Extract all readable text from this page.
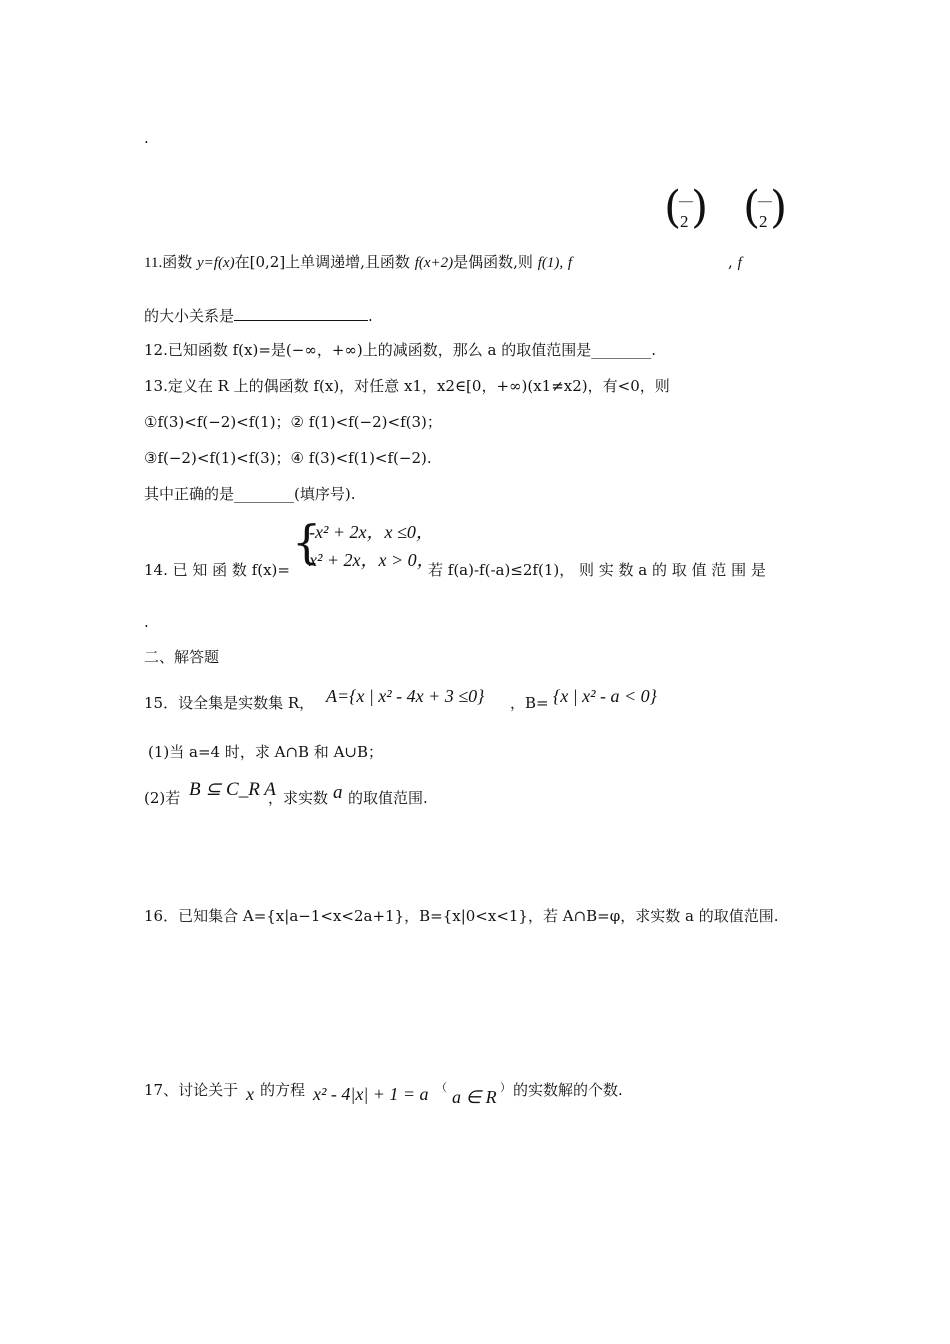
.
(
—
2 ) (
—
2 )
11.函数 y=f(x)在[0,2]上单调递增,且函数 f(x+2)是偶函数,则 f(1), f	, f
的大小关系是	.
12.已知函数 f(x)=是(−∞，+∞)上的减函数，那么 a 的取值范围是________.
13.定义在 R 上的偶函数 f(x)，对任意 x1，x2∈[0，+∞)(x1≠x2)，有<0，则
①f(3)<f(−2)<f(1)；② f(1)<f(−2)<f(3)；
③f(−2)<f(1)<f(3)；④ f(3)<f(1)<f(−2).
其中正确的是________(填序号).
{
-x² + 2x，x ≤0，
x² + 2x，x > 0，
14. 已 知 函 数 f(x)=	若 f(a)-f(-a)≤2f(1)， 则 实 数 a 的 取 值 范 围 是
.
二、解答题
15．设全集是实数集 R， A={x | x² - 4x + 3 ≤0} ，B= {x | x² - a < 0}
(1)当 a=4 时，求 A∩B 和 A∪B；
(2)若 B ⊆ C_R A
，求实数 a 的取值范围.
16．已知集合 A={x|a−1<x<2a+1}，B={x|0<x<1}，若 A∩B=φ，求实数 a 的取值范围.
17、讨论关于 x 的方程 x² - 4|x| + 1 = a （ a ∈ R ） 的实数解的个数.
